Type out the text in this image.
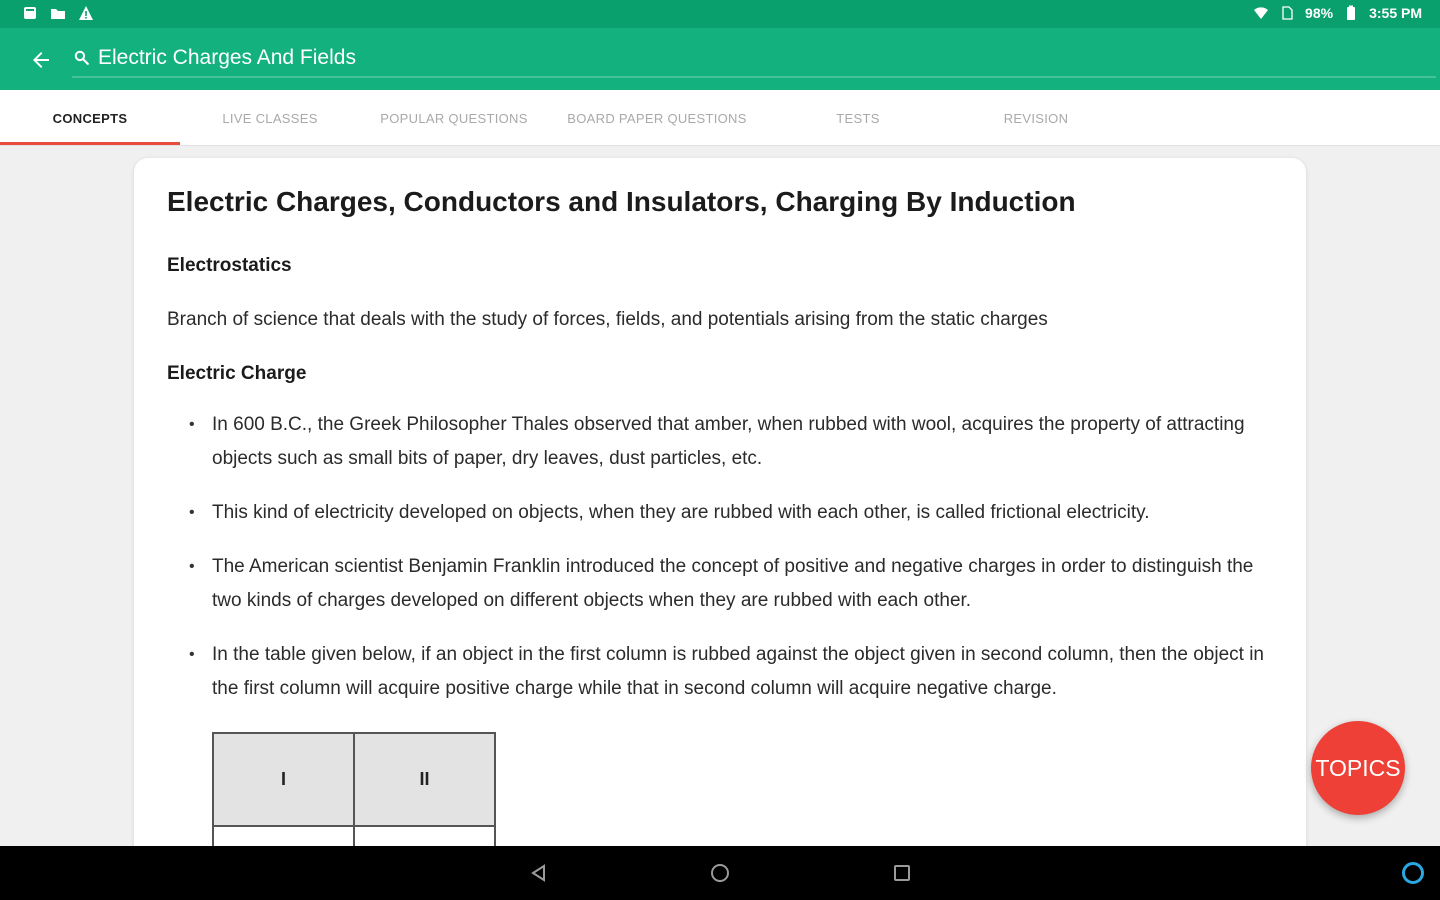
98%	3:55 PM
Electric Charges And Fields
CONCEPTS	LIVE CLASSES	POPULAR QUESTIONS	BOARD PAPER QUESTIONS	TESTS	REVISION
Electric Charges, Conductors and Insulators, Charging By Induction
Electrostatics
Branch of science that deals with the study of forces, fields, and potentials arising from the static charges
Electric Charge
• In 600 B.C., the Greek Philosopher Thales observed that amber, when rubbed with wool, acquires the property of attracting objects such as small bits of paper, dry leaves, dust particles, etc.
• This kind of electricity developed on objects, when they are rubbed with each other, is called frictional electricity.
• The American scientist Benjamin Franklin introduced the concept of positive and negative charges in order to distinguish the two kinds of charges developed on different objects when they are rubbed with each other.
• In the table given below, if an object in the first column is rubbed against the object given in second column, then the object in the first column will acquire positive charge while that in second column will acquire negative charge.
I	II
		TOPICS
